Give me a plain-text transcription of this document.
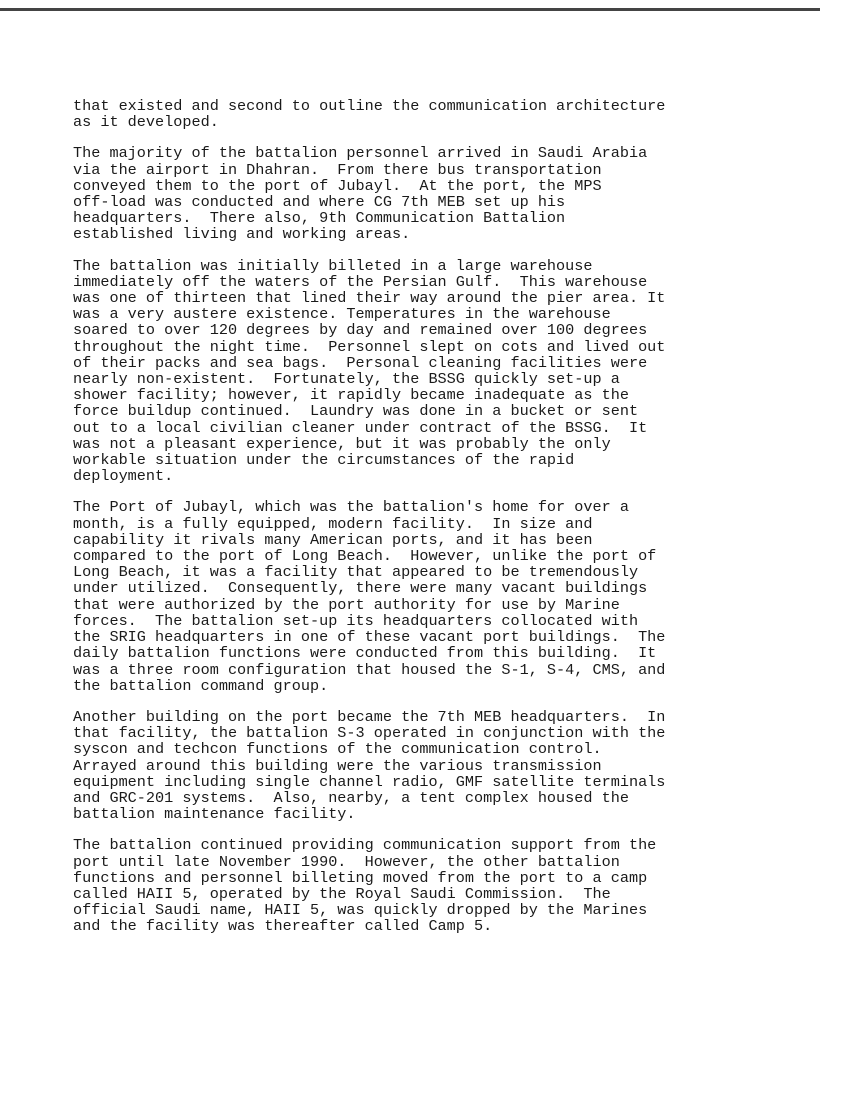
that existed and second to outline the communication architecture
as it developed.
The majority of the battalion personnel arrived in Saudi Arabia
via the airport in Dhahran.  From there bus transportation
conveyed them to the port of Jubayl.  At the port, the MPS
off-load was conducted and where CG 7th MEB set up his
headquarters.  There also, 9th Communication Battalion
established living and working areas.
The battalion was initially billeted in a large warehouse
immediately off the waters of the Persian Gulf.  This warehouse
was one of thirteen that lined their way around the pier area. It
was a very austere existence. Temperatures in the warehouse
soared to over 120 degrees by day and remained over 100 degrees
throughout the night time.  Personnel slept on cots and lived out
of their packs and sea bags.  Personal cleaning facilities were
nearly non-existent.  Fortunately, the BSSG quickly set-up a
shower facility; however, it rapidly became inadequate as the
force buildup continued.  Laundry was done in a bucket or sent
out to a local civilian cleaner under contract of the BSSG.  It
was not a pleasant experience, but it was probably the only
workable situation under the circumstances of the rapid
deployment.
The Port of Jubayl, which was the battalion's home for over a
month, is a fully equipped, modern facility.  In size and
capability it rivals many American ports, and it has been
compared to the port of Long Beach.  However, unlike the port of
Long Beach, it was a facility that appeared to be tremendously
under utilized.  Consequently, there were many vacant buildings
that were authorized by the port authority for use by Marine
forces.  The battalion set-up its headquarters collocated with
the SRIG headquarters in one of these vacant port buildings.  The
daily battalion functions were conducted from this building.  It
was a three room configuration that housed the S-1, S-4, CMS, and
the battalion command group.
Another building on the port became the 7th MEB headquarters.  In
that facility, the battalion S-3 operated in conjunction with the
syscon and techcon functions of the communication control.
Arrayed around this building were the various transmission
equipment including single channel radio, GMF satellite terminals
and GRC-201 systems.  Also, nearby, a tent complex housed the
battalion maintenance facility.
The battalion continued providing communication support from the
port until late November 1990.  However, the other battalion
functions and personnel billeting moved from the port to a camp
called HAII 5, operated by the Royal Saudi Commission.  The
official Saudi name, HAII 5, was quickly dropped by the Marines
and the facility was thereafter called Camp 5.
